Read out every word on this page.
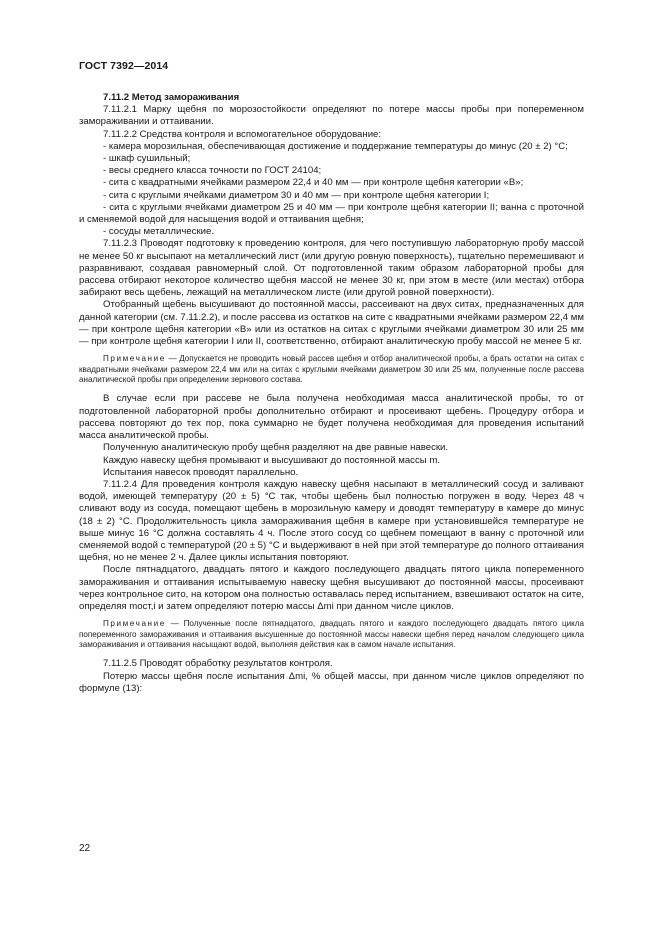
ГОСТ 7392—2014

7.11.2 Метод замораживания

7.11.2.1 Марку щебня по морозостойкости определяют по потере массы пробы при попеременном замораживании и оттаивании.

7.11.2.2 Средства контроля и вспомогательное оборудование:

- камера морозильная, обеспечивающая достижение и поддержание температуры до минус (20 ± 2) °С;

- шкаф сушильный;

- весы среднего класса точности по ГОСТ 24104;

- сита с квадратными ячейками размером 22,4 и 40 мм — при контроле щебня категории «В»;

- сита с круглыми ячейками диаметром 30 и 40 мм — при контроле щебня категории I;

- сита с круглыми ячейками диаметром 25 и 40 мм — при контроле щебня категории II; ванна с проточной и сменяемой водой для насыщения водой и оттаивания щебня;

- сосуды металлические.

7.11.2.3 Проводят подготовку к проведению контроля, для чего поступившую лабораторную пробу массой не менее 50 кг высыпают на металлический лист (или другую ровную поверхность), тщательно перемешивают и разравнивают, создавая равномерный слой. От подготовленной таким образом лабораторной пробы для рассева отбирают некоторое количество щебня массой не менее 30 кг, при этом в месте (или местах) отбора забирают весь щебень, лежащий на металлическом листе (или другой ровной поверхности).

Отобранный щебень высушивают до постоянной массы, рассеивают на двух ситах, предназначенных для данной категории (см. 7.11.2.2), и после рассева из остатков на сите с квадратными ячейками размером 22,4 мм — при контроле щебня категории «В» или из остатков на ситах с круглыми ячейками диаметром 30 или 25 мм — при контроле щебня категории I или II, соответственно, отбирают аналитическую пробу массой не менее 5 кг.

Примечание — Допускается не проводить новый рассев щебня и отбор аналитической пробы, а брать остатки на ситах с квадратными ячейками размером 22,4 мм или на ситах с круглыми ячейками диаметром 30 или 25 мм, полученные после рассева аналитической пробы при определении зернового состава.

В случае если при рассеве не была получена необходимая масса аналитической пробы, то от подготовленной лабораторной пробы дополнительно отбирают и просеивают щебень. Процедуру отбора и рассева повторяют до тех пор, пока суммарно не будет получена необходимая для проведения испытаний масса аналитической пробы.

Полученную аналитическую пробу щебня разделяют на две равные навески.

Каждую навеску щебня промывают и высушивают до постоянной массы m.

Испытания навесок проводят параллельно.

7.11.2.4 Для проведения контроля каждую навеску щебня насыпают в металлический сосуд и заливают водой, имеющей температуру (20 ± 5) °С так, чтобы щебень был полностью погружен в воду. Через 48 ч сливают воду из сосуда, помещают щебень в морозильную камеру и доводят температуру в камере до минус (18 ± 2) °С. Продолжительность цикла замораживания щебня в камере при установившейся температуре не выше минус 16 °С должна составлять 4 ч. После этого сосуд со щебнем помещают в ванну с проточной или сменяемой водой с температурой (20 ± 5) °С и выдерживают в ней при этой температуре до полного оттаивания щебня, но не менее 2 ч. Далее циклы испытания повторяют.

После пятнадцатого, двадцать пятого и каждого последующего двадцать пятого цикла попеременного замораживания и оттаивания испытываемую навеску щебня высушивают до постоянной массы, просеивают через контрольное сито, на котором она полностью оставалась перед испытанием, взвешивают остаток на сите, определяя mост,i и затем определяют потерю массы Δmi при данном числе циклов.

Примечание — Полученные после пятнадцатого, двадцать пятого и каждого последующего двадцать пятого цикла попеременного замораживания и оттаивания высушенные до постоянной массы навески щебня перед началом следующего цикла замораживания и оттаивания насыщают водой, выполняя действия как в самом начале испытания.

7.11.2.5 Проводят обработку результатов контроля.

Потерю массы щебня после испытания Δmi, % общей массы, при данном числе циклов определяют по формуле (13):

22
